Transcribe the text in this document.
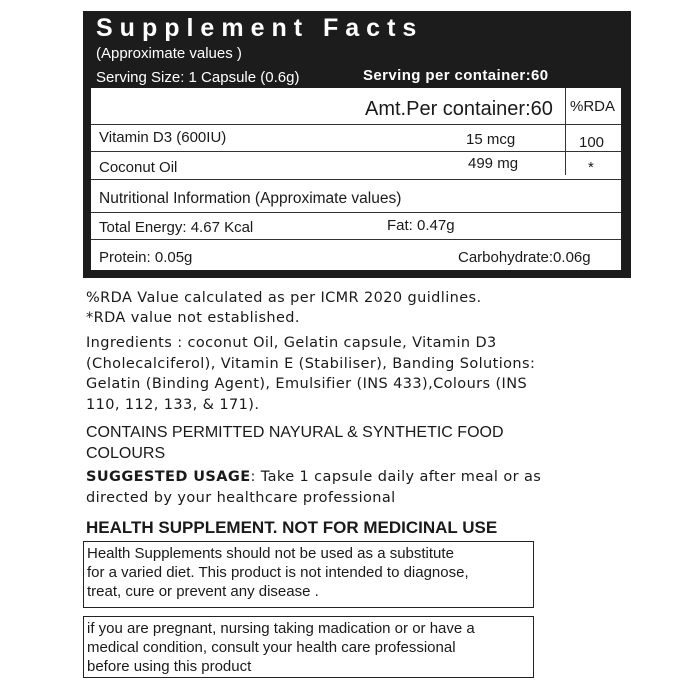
Supplement Facts
(Approximate values )
Serving Size: 1 Capsule (0.6g)	Serving per container:60
Amt.Per container:60 %RDA
Vitamin D3 (600IU)	15 mcg	100
Coconut Oil	499 mg	*
Nutritional Information (Approximate values)
Total Energy: 4.67 Kcal	Fat: 0.47g
Protein: 0.05g	Carbohydrate:0.06g
%RDA Value calculated as per ICMR 2020 guidlines.
*RDA value not established.
Ingredients : coconut Oil, Gelatin capsule, Vitamin D3
(Cholecalciferol), Vitamin E (Stabiliser), Banding Solutions:
Gelatin (Binding Agent), Emulsifier (INS 433),Colours (INS
110, 112, 133, & 171).
CONTAINS PERMITTED NAYURAL & SYNTHETIC FOOD
COLOURS
SUGGESTED USAGE: Take 1 capsule daily after meal or as
directed by your healthcare professional
HEALTH SUPPLEMENT. NOT FOR MEDICINAL USE
Health Supplements should not be used as a substitute
for a varied diet. This product is not intended to diagnose,
treat, cure or prevent any disease .
if you are pregnant, nursing taking madication or or have a
medical condition, consult your health care professional
before using this product
